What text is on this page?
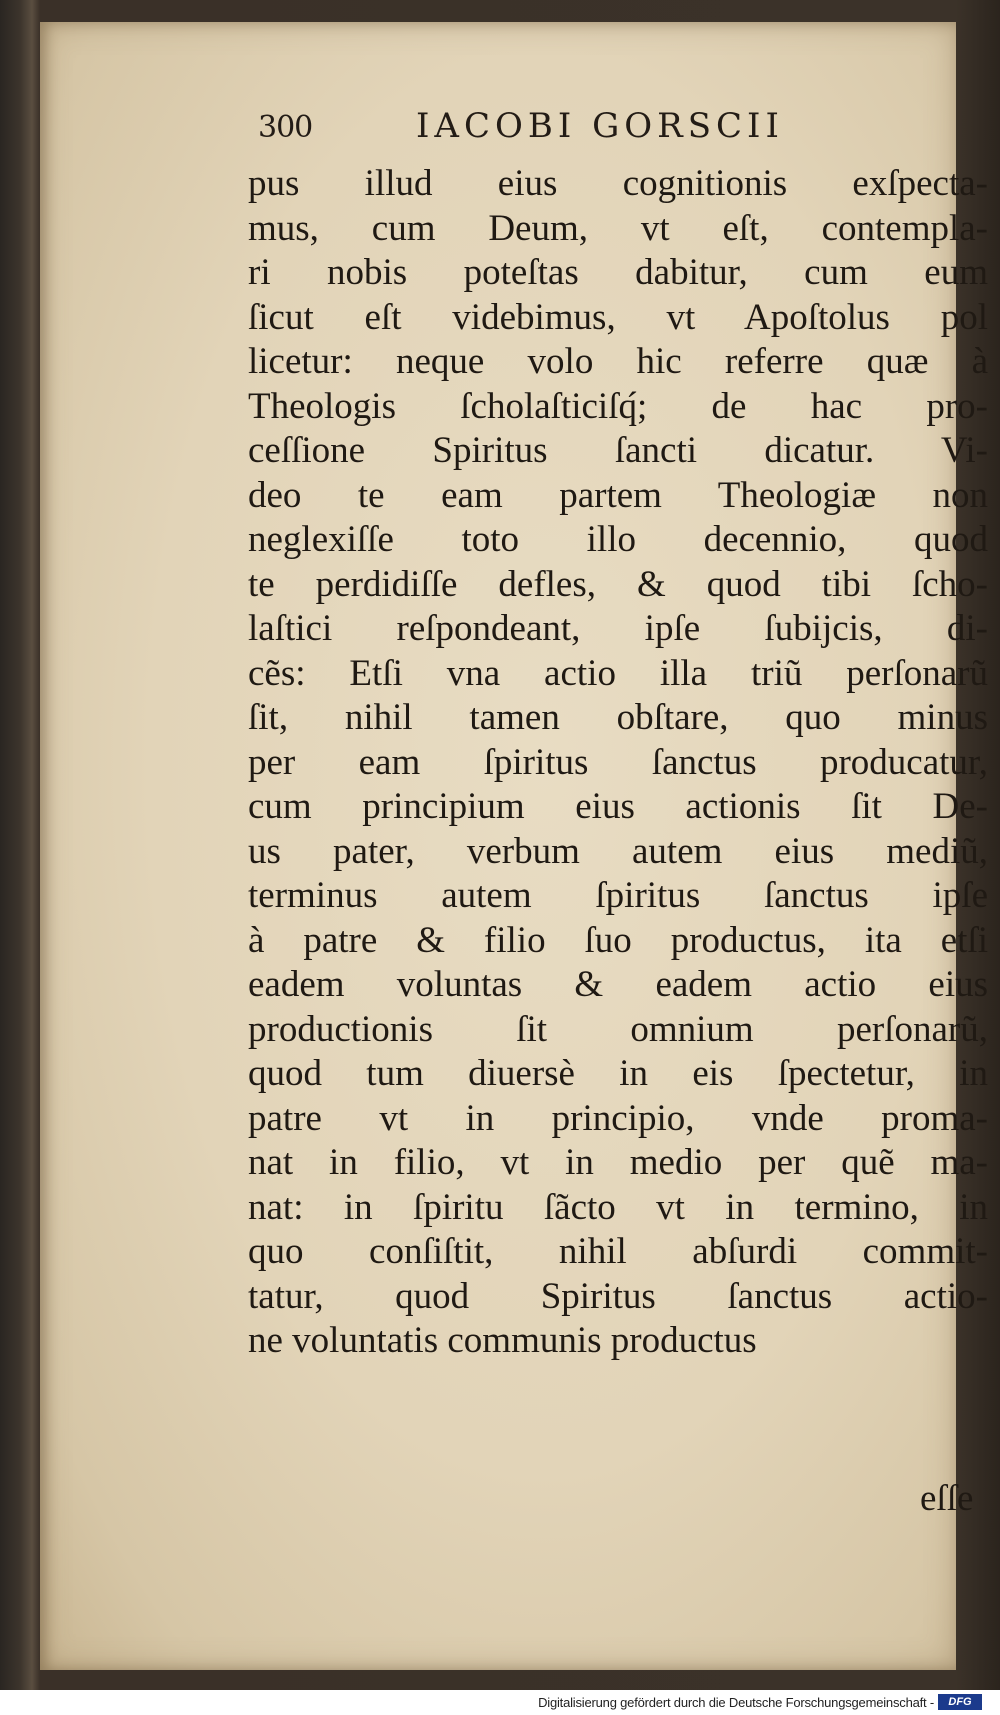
300	IACOBI GORSCII
pus illud eius cognitionis exſpecta-
mus, cum Deum, vt eſt, contempla-
ri nobis poteſtas dabitur, cum eum
ſicut eſt videbimus, vt Apoſtolus pol
licetur: neque volo hic referre quæ à
Theologis ſcholaſticiſq́; de hac pro-
ceſſione Spiritus ſancti dicatur. Vi-
deo te eam partem Theologiæ non
neglexiſſe toto illo decennio, quod
te perdidiſſe defles, & quod tibi ſcho-
laſtici reſpondeant, ipſe ſubijcis, di-
cẽs: Etſi vna actio illa triũ perſonarũ
ſit, nihil tamen obſtare, quo minus
per eam ſpiritus ſanctus producatur,
cum principium eius actionis ſit De-
us pater, verbum autem eius mediũ,
terminus autem ſpiritus ſanctus ipſe
à patre & filio ſuo productus, ita etſi
eadem voluntas & eadem actio eius
productionis ſit omnium perſonarũ,
quod tum diuersè in eis ſpectetur, in
patre vt in principio, vnde proma-
nat in filio, vt in medio per quẽ ma-
nat: in ſpiritu ſãcto vt in termino, in
quo conſiſtit, nihil abſurdi commit-
tatur, quod Spiritus ſanctus actio-
ne voluntatis communis productus
eſſe
Digitalisierung gefördert durch die Deutsche Forschungsgemeinschaft -	DFG
